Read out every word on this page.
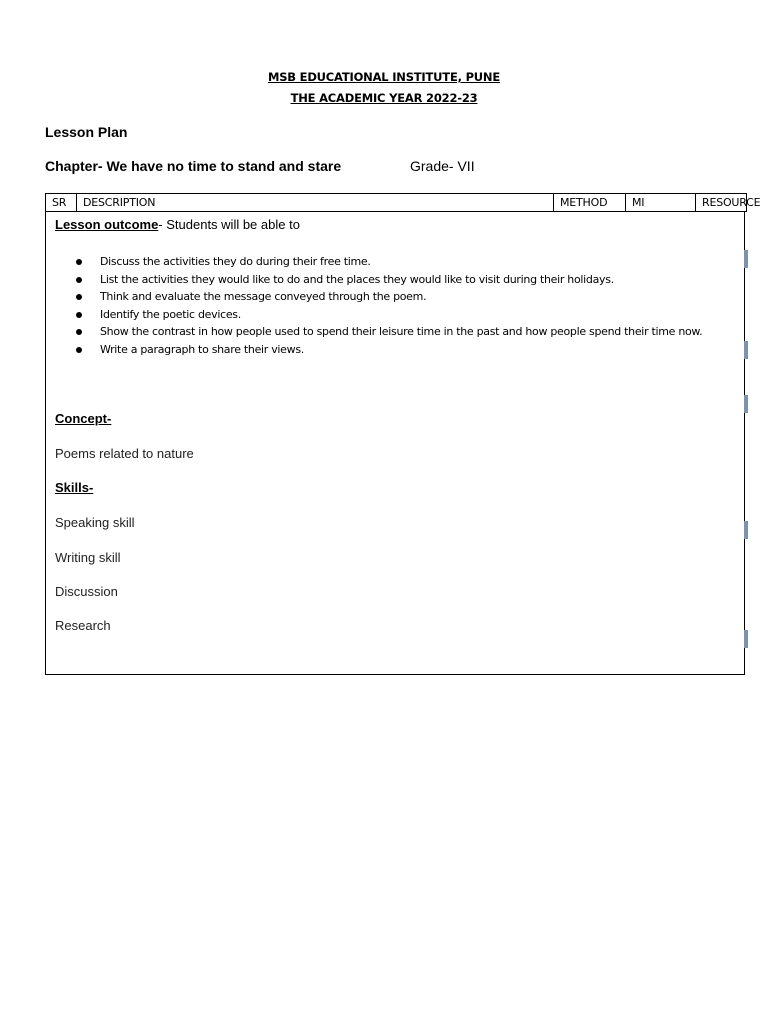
MSB EDUCATIONAL INSTITUTE, PUNE
THE ACADEMIC YEAR 2022-23
Lesson Plan
Chapter- We have no time to stand and stare	Grade- VII
SR	DESCRIPTION	METHOD	MI	RESOURCE
Lesson outcome- Students will be able to
Discuss the activities they do during their free time.
List the activities they would like to do and the places they would like to visit during their holidays.
Think and evaluate the message conveyed through the poem.
Identify the poetic devices.
Show the contrast in how people used to spend their leisure time in the past and how people spend their time now.
Write a paragraph to share their views.
Concept-
Poems related to nature
Skills-
Speaking skill
Writing skill
Discussion
Research
